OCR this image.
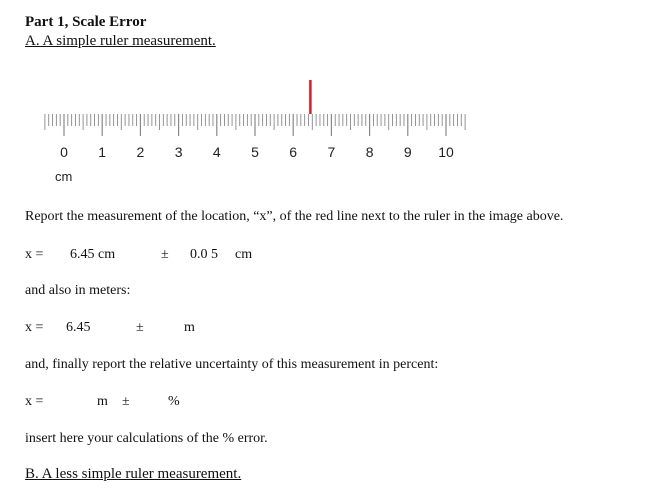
Part 1, Scale Error
A. A simple ruler measurement.
0 1 2 3 4 5 6 7 8 9 10
cm
Report the measurement of the location, “x”, of the red line next to the ruler in the image above.
x = 6.45 cm	± 0.0 5 cm
and also in meters:
x = 6.45	±	m
and, finally report the relative uncertainty of this measurement in percent:
x =	m ±	%
insert here your calculations of the % error.
B. A less simple ruler measurement.
